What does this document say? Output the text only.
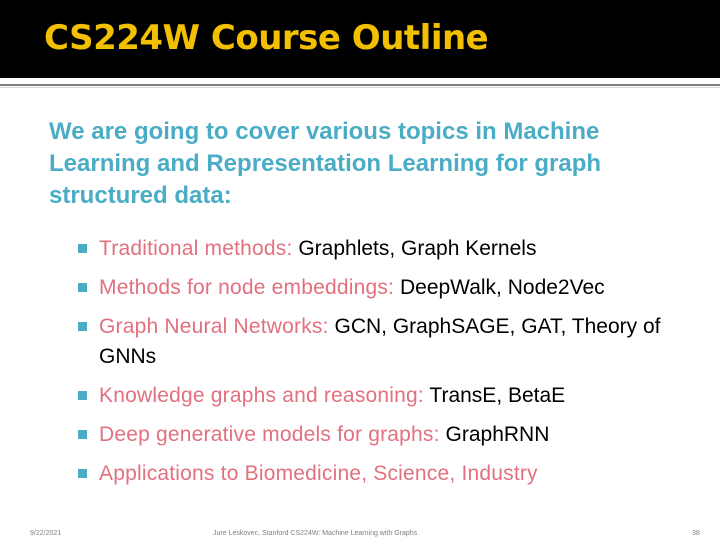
CS224W Course Outline
We are going to cover various topics in Machine Learning and Representation Learning for graph structured data:
Traditional methods: Graphlets, Graph Kernels
Methods for node embeddings: DeepWalk, Node2Vec
Graph Neural Networks: GCN, GraphSAGE, GAT, Theory of GNNs
Knowledge graphs and reasoning: TransE, BetaE
Deep generative models for graphs: GraphRNN
Applications to Biomedicine, Science, Industry
9/22/2021	Jure Leskovec, Stanford CS224W: Machine Learning with Graphs	38
